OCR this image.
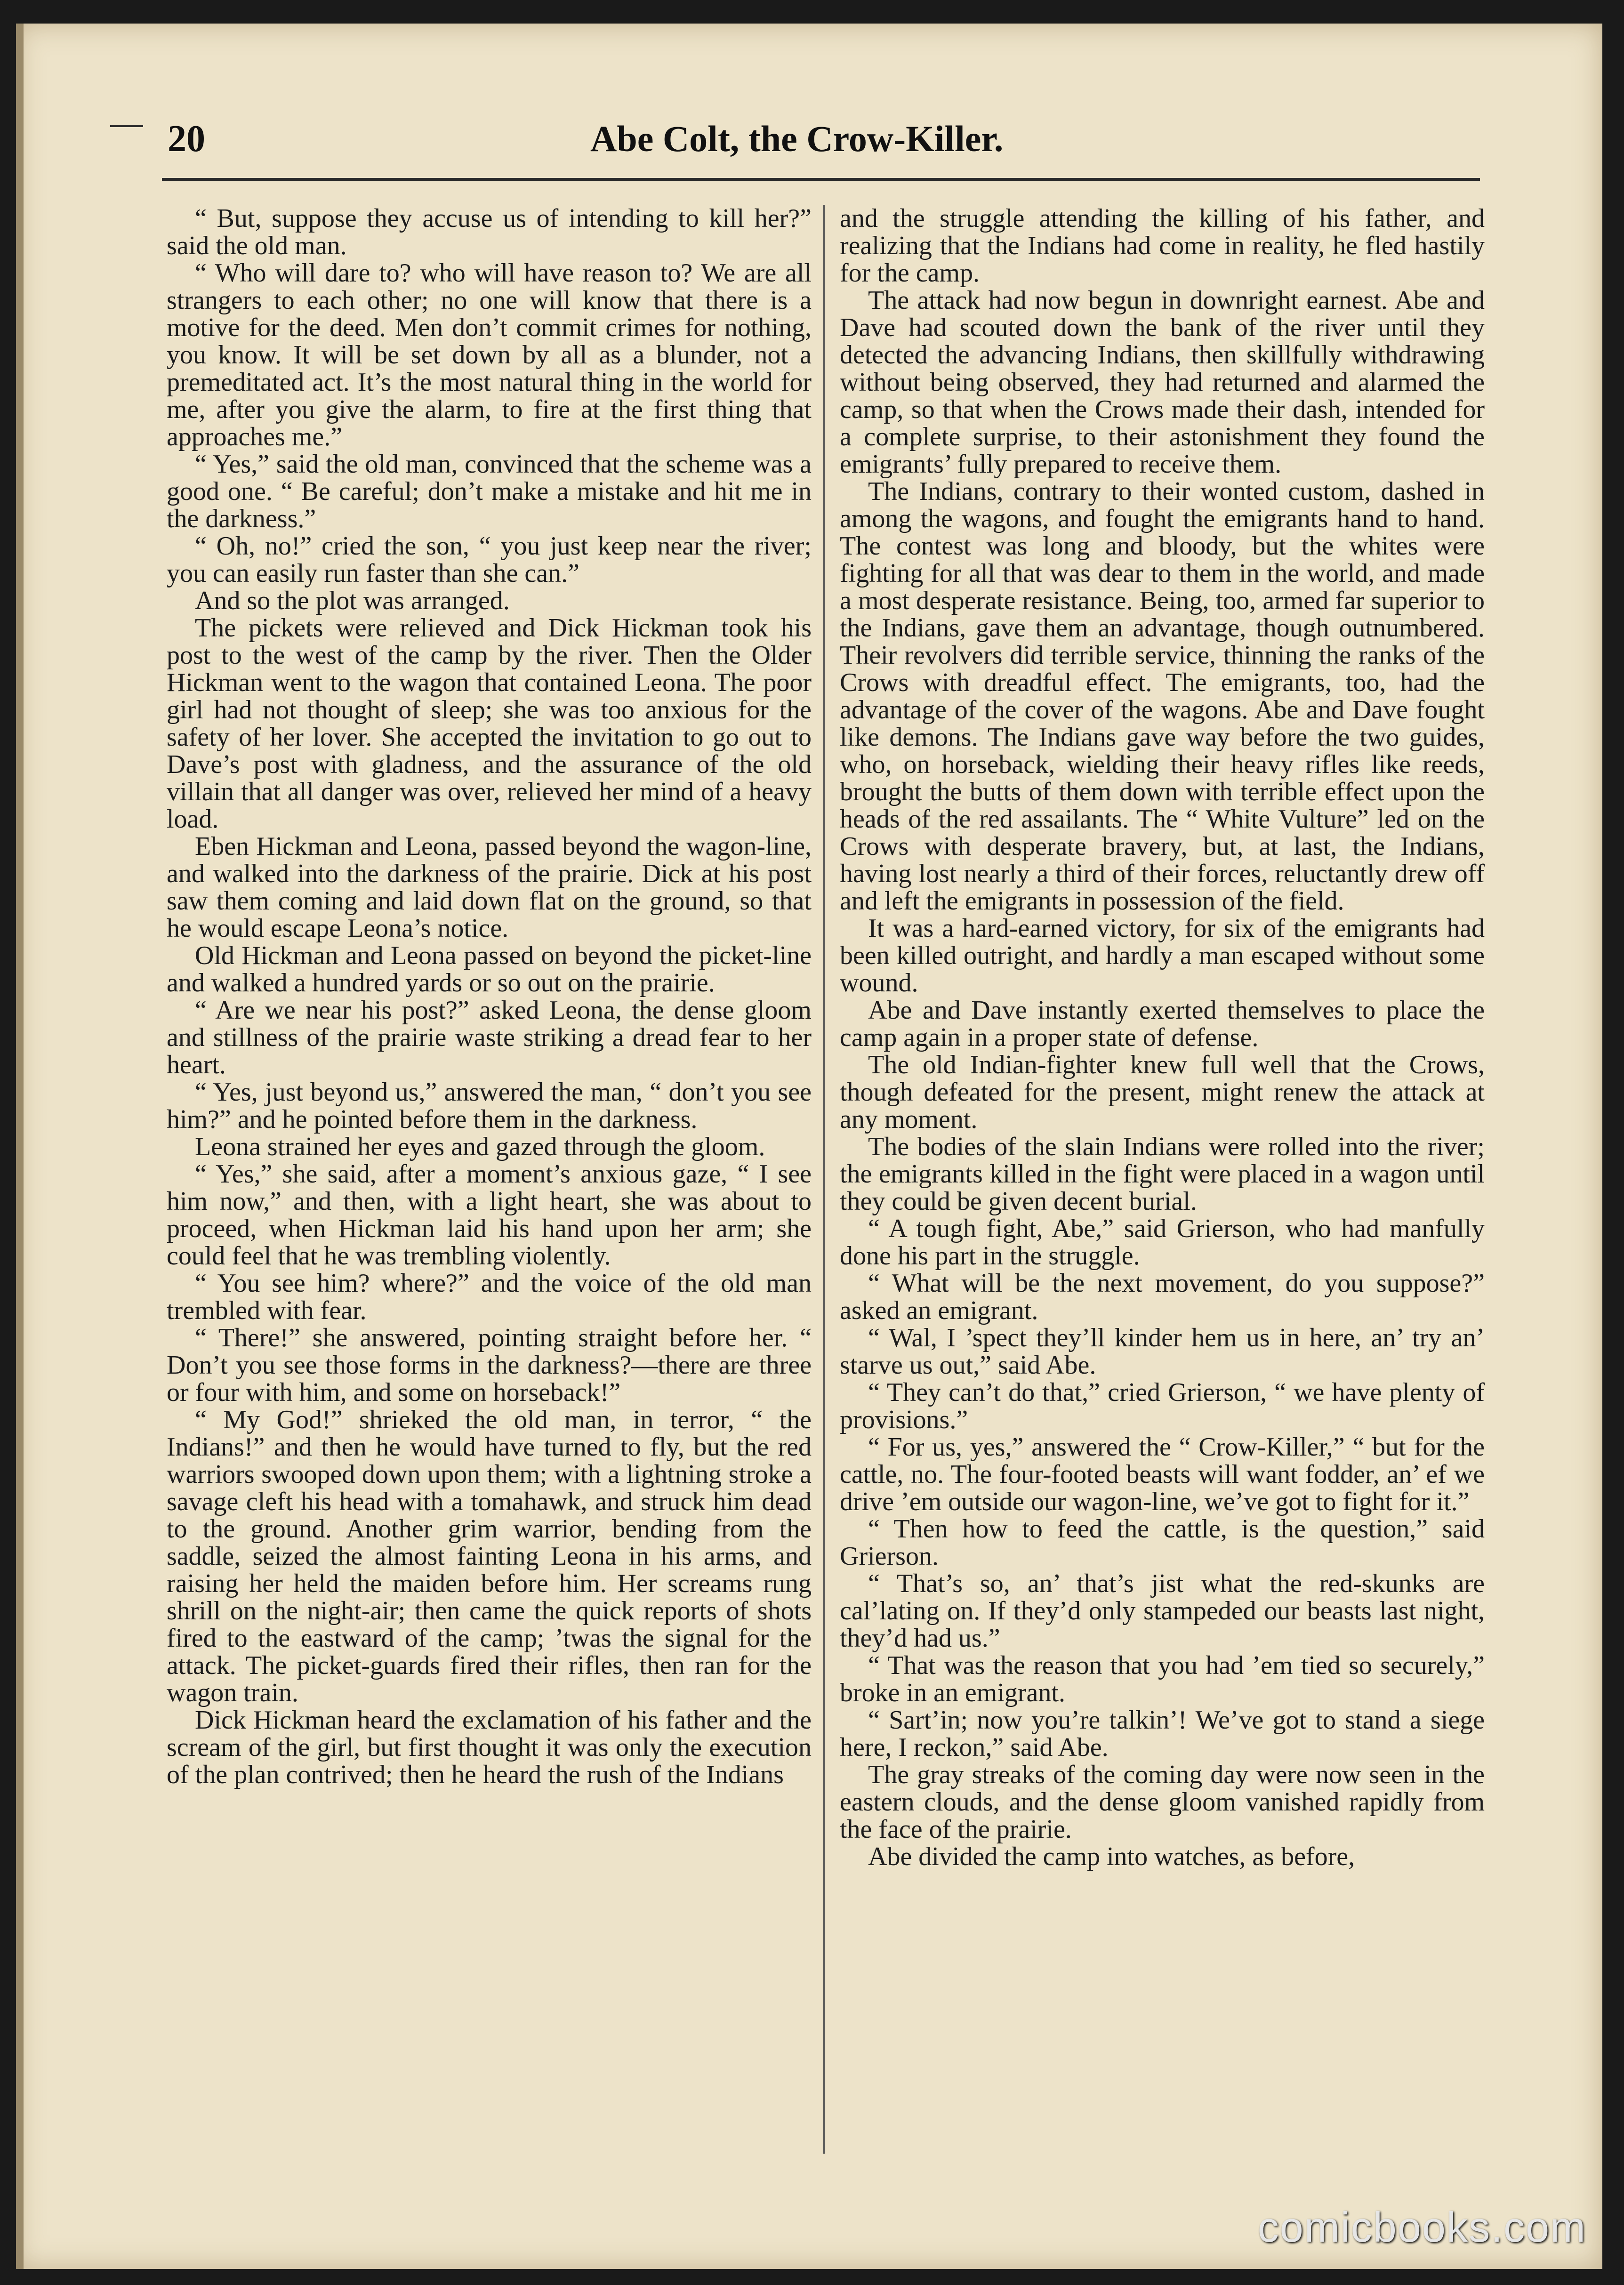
20	Abe Colt, the Crow-Killer.

“ But, suppose they accuse us of intending to kill her?” said the old man.

“ Who will dare to? who will have reason to? We are all strangers to each other; no one will know that there is a motive for the deed. Men don’t commit crimes for nothing, you know. It will be set down by all as a blunder, not a premeditated act. It’s the most natural thing in the world for me, after you give the alarm, to fire at the first thing that approaches me.”

“ Yes,” said the old man, convinced that the scheme was a good one. “ Be careful; don’t make a mistake and hit me in the darkness.”

“ Oh, no!” cried the son, “ you just keep near the river; you can easily run faster than she can.”

And so the plot was arranged.

The pickets were relieved and Dick Hickman took his post to the west of the camp by the river. Then the Older Hickman went to the wagon that contained Leona. The poor girl had not thought of sleep; she was too anxious for the safety of her lover. She accepted the invitation to go out to Dave’s post with gladness, and the assurance of the old villain that all danger was over, relieved her mind of a heavy load.

Eben Hickman and Leona, passed beyond the wagon-line, and walked into the darkness of the prairie. Dick at his post saw them coming and laid down flat on the ground, so that he would escape Leona’s notice.

Old Hickman and Leona passed on beyond the picket-line and walked a hundred yards or so out on the prairie.

“ Are we near his post?” asked Leona, the dense gloom and stillness of the prairie waste striking a dread fear to her heart.

“ Yes, just beyond us,” answered the man, “ don’t you see him?” and he pointed before them in the darkness.

Leona strained her eyes and gazed through the gloom.

“ Yes,” she said, after a moment’s anxious gaze, “ I see him now,” and then, with a light heart, she was about to proceed, when Hickman laid his hand upon her arm; she could feel that he was trembling violently.

“ You see him? where?” and the voice of the old man trembled with fear.

“ There!” she answered, pointing straight before her. “ Don’t you see those forms in the darkness?—there are three or four with him, and some on horseback!”

“ My God!” shrieked the old man, in terror, “ the Indians!” and then he would have turned to fly, but the red warriors swooped down upon them; with a lightning stroke a savage cleft his head with a tomahawk, and struck him dead to the ground. Another grim warrior, bending from the saddle, seized the almost fainting Leona in his arms, and raising her held the maiden before him. Her screams rung shrill on the night-air; then came the quick reports of shots fired to the eastward of the camp; ’twas the signal for the attack. The picket-guards fired their rifles, then ran for the wagon train.

Dick Hickman heard the exclamation of his father and the scream of the girl, but first thought it was only the execution of the plan contrived; then he heard the rush of the Indians

and the struggle attending the killing of his father, and realizing that the Indians had come in reality, he fled hastily for the camp.

The attack had now begun in downright earnest. Abe and Dave had scouted down the bank of the river until they detected the advancing Indians, then skillfully withdrawing without being observed, they had returned and alarmed the camp, so that when the Crows made their dash, intended for a complete surprise, to their astonishment they found the emigrants’ fully prepared to receive them.

The Indians, contrary to their wonted custom, dashed in among the wagons, and fought the emigrants hand to hand. The contest was long and bloody, but the whites were fighting for all that was dear to them in the world, and made a most desperate resistance. Being, too, armed far superior to the Indians, gave them an advantage, though outnumbered. Their revolvers did terrible service, thinning the ranks of the Crows with dreadful effect. The emigrants, too, had the advantage of the cover of the wagons. Abe and Dave fought like demons. The Indians gave way before the two guides, who, on horseback, wielding their heavy rifles like reeds, brought the butts of them down with terrible effect upon the heads of the red assailants. The “ White Vulture” led on the Crows with desperate bravery, but, at last, the Indians, having lost nearly a third of their forces, reluctantly drew off and left the emigrants in possession of the field.

It was a hard-earned victory, for six of the emigrants had been killed outright, and hardly a man escaped without some wound.

Abe and Dave instantly exerted themselves to place the camp again in a proper state of defense.

The old Indian-fighter knew full well that the Crows, though defeated for the present, might renew the attack at any moment.

The bodies of the slain Indians were rolled into the river; the emigrants killed in the fight were placed in a wagon until they could be given decent burial.

“ A tough fight, Abe,” said Grierson, who had manfully done his part in the struggle.

“ What will be the next movement, do you suppose?” asked an emigrant.

“ Wal, I ’spect they’ll kinder hem us in here, an’ try an’ starve us out,” said Abe.

“ They can’t do that,” cried Grierson, “ we have plenty of provisions.”

“ For us, yes,” answered the “ Crow-Killer,” “ but for the cattle, no. The four-footed beasts will want fodder, an’ ef we drive ’em outside our wagon-line, we’ve got to fight for it.”

“ Then how to feed the cattle, is the question,” said Grierson.

“ That’s so, an’ that’s jist what the red-skunks are cal’lating on. If they’d only stampeded our beasts last night, they’d had us.”

“ That was the reason that you had ’em tied so securely,” broke in an emigrant.

“ Sart’in; now you’re talkin’! We’ve got to stand a siege here, I reckon,” said Abe.

The gray streaks of the coming day were now seen in the eastern clouds, and the dense gloom vanished rapidly from the face of the prairie.

Abe divided the camp into watches, as before,

comicbooks.com
